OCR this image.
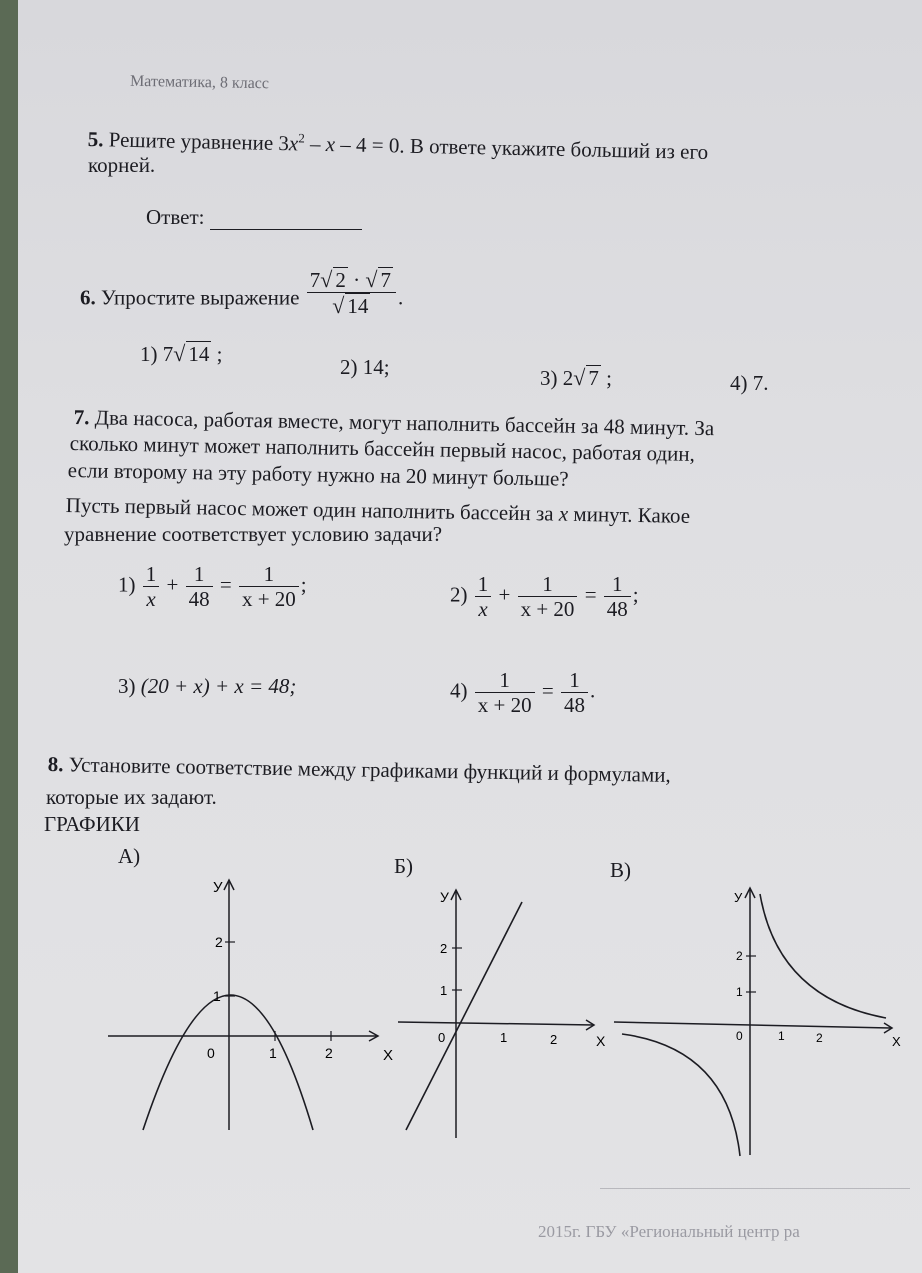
Математика, 8 класс
5. Решите уравнение $3x^2 - x - 4 = 0$. В ответе укажите больший из его
корней.
Ответ:
6. Упростите выражение $\frac{7√ 2 \cdot √ 7}{√ 14}$ .
1) 7√ 14 ;
2) 14;	3) 2√ 7 ;	4) 7.
7. Два насоса, работая вместе, могут наполнить бассейн за 48 минут. За
сколько минут может наполнить бассейн первый насос, работая один,
если второму на эту работу нужно на 20 минут больше?
Пусть первый насос может один наполнить бассейн за x минут. Какое
уравнение соответствует условию задачи?
$1) \frac{1}{x} + \frac{1}{48} = \frac{1}{x + 20}$ ;	$2) \frac{1}{x} + \frac{1}{x + 20} = \frac{1}{48}$ ;
3) (20 + x) + x = 48;	$4) \frac{1}{x + 20} = \frac{1}{48}$ .
8. Установите соответствие между графиками функций и формулами,
которые их задают.
ГРАФИКИ
А)	Б)	В)
У
Х
0	1	2
1
2
У
Х
0	1	2
1
2
У
Х
0	1	2
1
2
2015г. ГБУ «Региональный центр ра
